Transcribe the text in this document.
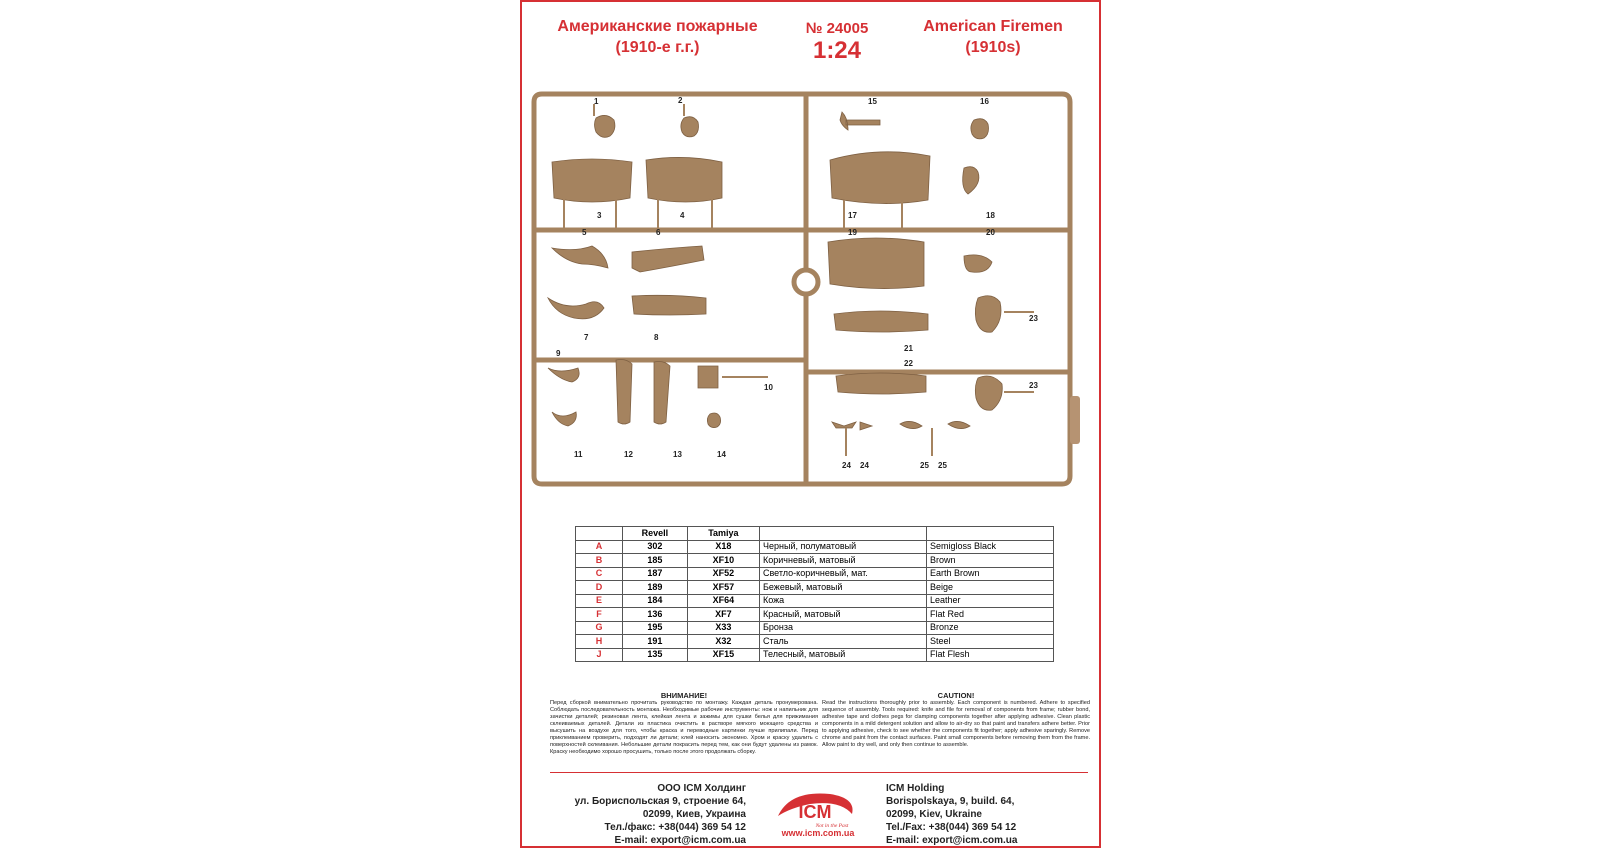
Американские пожарные
(1910-е г.г.)
№ 24005
1:24
American Firemen
(1910s)
1	2
3	4
5	6
7	8
9
10
11	12	13	14
15	16
17	18
19	20
21
22
23
23
24 24	25 25
	Revell	Tamiya		
A	302	X18	Черный, полуматовый	Semigloss Black
B	185	XF10	Коричневый, матовый	Brown
C	187	XF52	Светло-коричневый, мат.	Earth Brown
D	189	XF57	Бежевый, матовый	Beige
E	184	XF64	Кожа	Leather
F	136	XF7	Красный, матовый	Flat Red
G	195	X33	Бронза	Bronze
H	191	X32	Сталь	Steel
J	135	XF15	Телесный, матовый	Flat Flesh
ВНИМАНИЕ!
Перед сборкой внимательно прочитать руководство по монтажу. Каждая деталь пронумерована. Соблюдать последовательность монтажа. Необходимые рабочие инструменты: нож и напильник для зачистки деталей; резиновая лента, клейкая лента и зажимы для сушки белья для прижимания склеиваемых деталей. Детали из пластика очистить в растворе мягкого моющего средства и высушить на воздухе для того, чтобы краска и переводные картинки лучше прилипали. Перед приклеиванием проверить, подходят ли детали; клей наносить экономно. Хром и краску удалить с поверхностей склеивания. Небольшие детали покрасить перед тем, как они будут удалены из рамок. Краску необходимо хорошо просушить, только после этого продолжать сборку.
CAUTION!
Read the instructions thoroughly prior to assembly. Each component is numbered. Adhere to specified sequence of assembly. Tools required: knife and file for removal of components from frame; rubber bond, adhesive tape and clothes pegs for clamping components together after applying adhesive. Clean plastic components in a mild detergent solution and allow to air-dry so that paint and transfers adhere better. Prior to applying adhesive, check to see whether the components fit together; apply adhesive sparingly. Remove chrome and paint from the contact surfaces. Paint small components before removing them from the frame. Allow paint to dry well, and only then continue to assemble.
ООО ICM Холдинг
ул. Бориспольская 9, строение 64,
02099, Киев, Украина
Тел./факс: +38(044) 369 54 12
E-mail: export@icm.com.ua
ICM
Not in the Past
www.icm.com.ua
ICM Holding
Borispolskaya, 9, build. 64,
02099, Kiev, Ukraine
Tel./Fax: +38(044) 369 54 12
E-mail: export@icm.com.ua
